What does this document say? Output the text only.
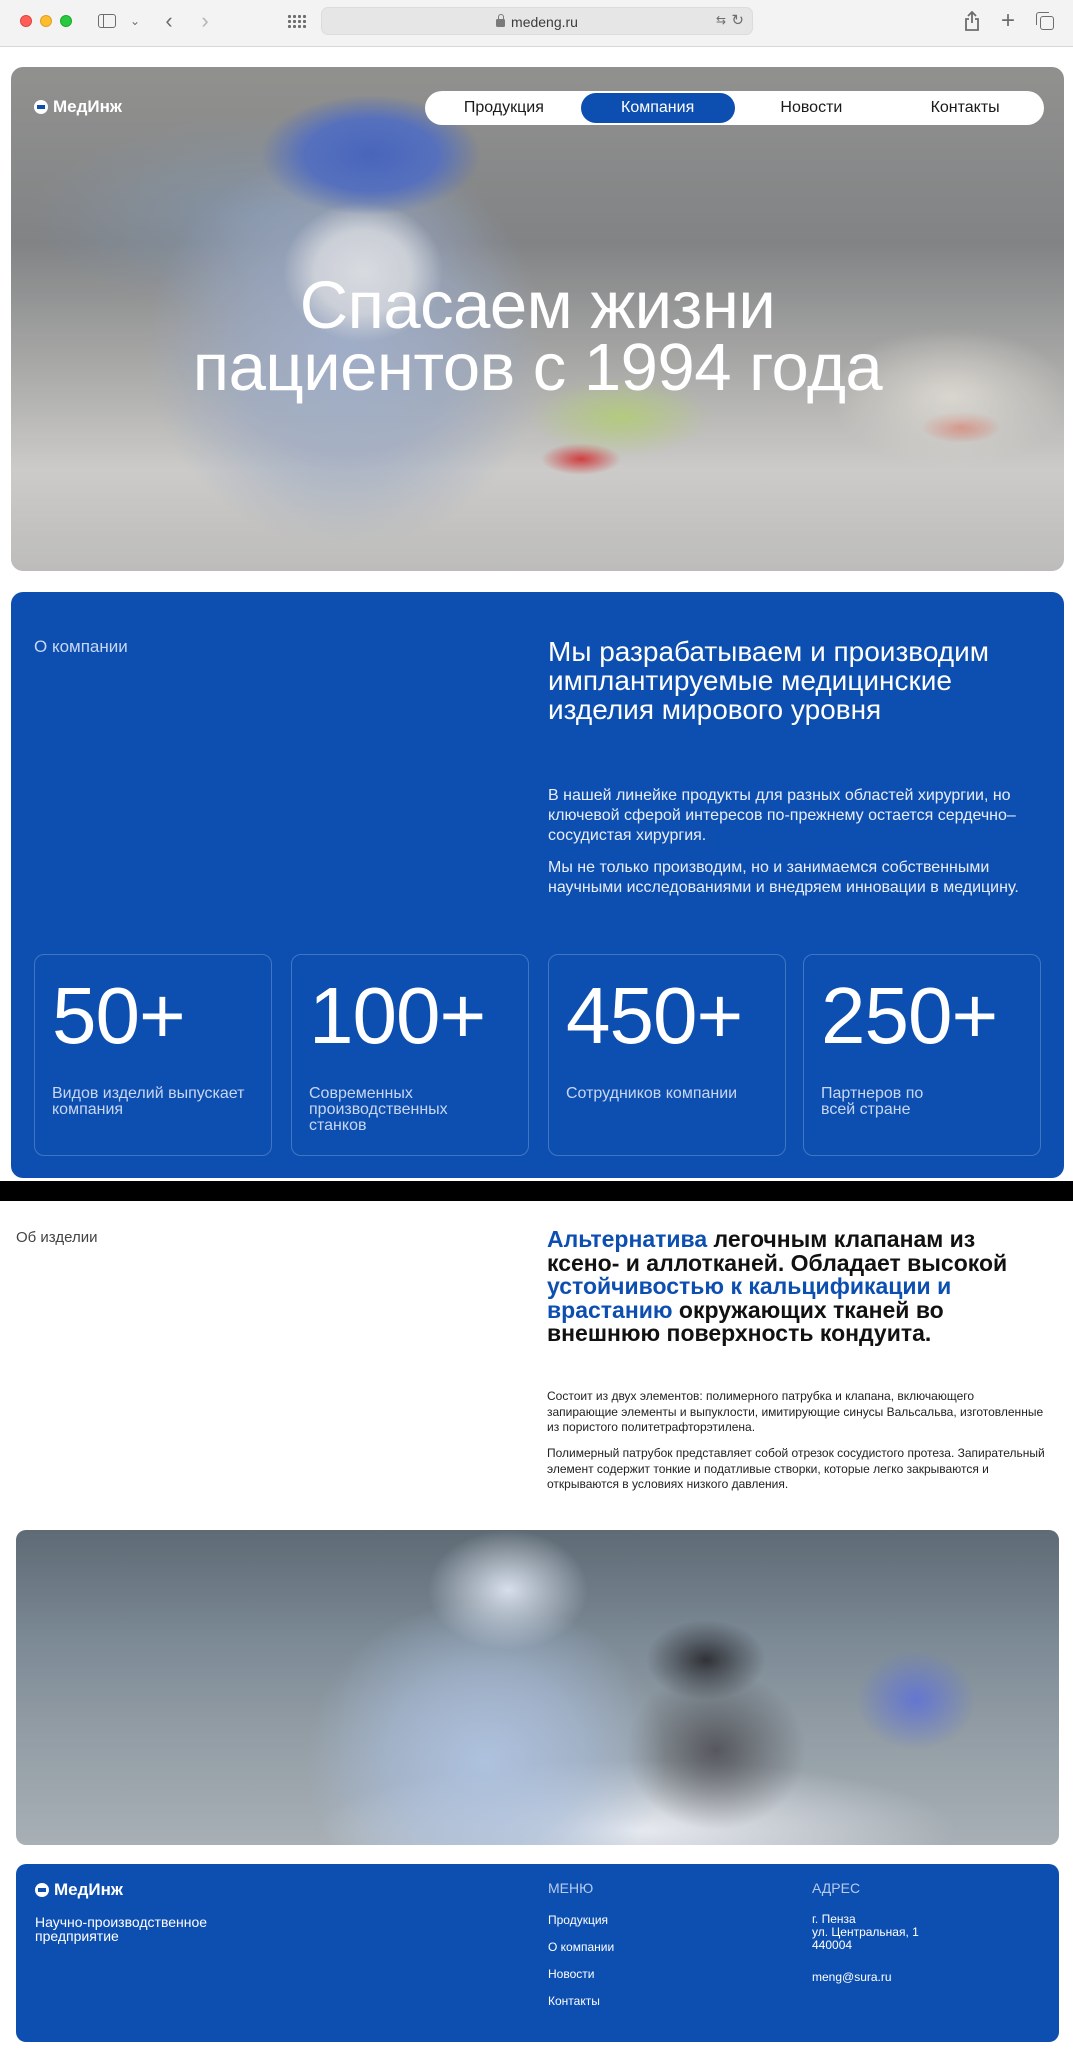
⌄ ‹ ›	medeng.ru	⇆ ↻	+
МедИнж	Продукция	Компания	Новости	Контакты
Спасаем жизни
пациентов с 1994 года
О компании	Мы разрабатываем и производим имплантируемые медицинские изделия мирового уровня

В нашей линейке продукты для разных областей хирургии, но ключевой сферой интересов по-прежнему остается сердечно–сосудистая хирургия.

Мы не только производим, но и занимаемся собственными научными исследованиями и внедряем инновации в медицину.

50+
Видов изделий выпускает компания
100+
Современных производственных станков
450+
Сотрудников компании
250+
Партнеров по всей стране
Об изделии	Альтернатива легочным клапанам из ксено- и аллотканей. Обладает высокой устойчивостью к кальцификации и врастанию окружающих тканей во внешнюю поверхность кондуита.

Состоит из двух элементов: полимерного патрубка и клапана, включающего запирающие элементы и выпуклости, имитирующие синусы Вальсальва, изготовленные из пористого политетрафторэтилена.

Полимерный патрубок представляет собой отрезок сосудистого протеза. Запирательный элемент содержит тонкие и податливые створки, которые легко закрываются и открываются в условиях низкого давления.

МедИнж
Научно-производственное предприятие
МЕНЮ
Продукция
О компании
Новости
Контакты
АДРЕС
г. Пенза
ул. Центральная, 1
440004
meng@sura.ru
